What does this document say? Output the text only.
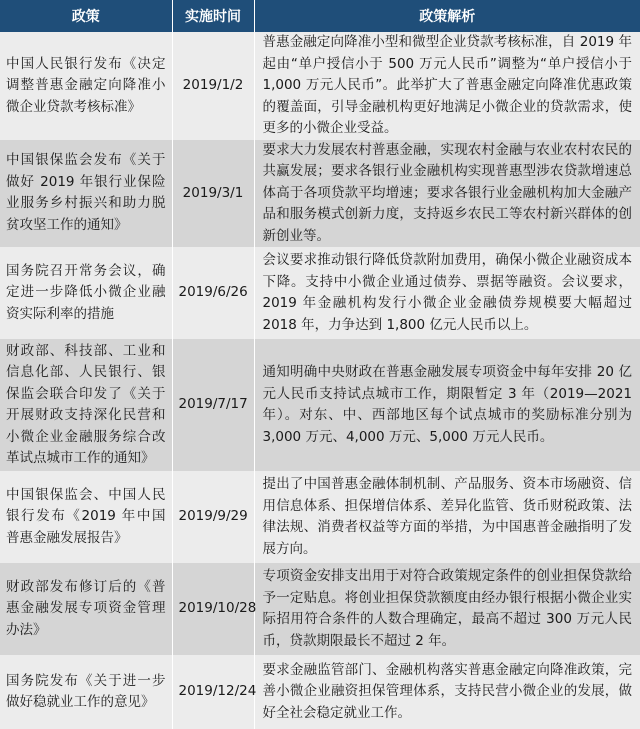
政策	实施时间	政策解析
中国人民银行发布《决定调整普惠金融定向降准小微企业贷款考核标准》	2019/1/2	普惠金融定向降准小型和微型企业贷款考核标准，自 2019 年起由“单户授信小于 500 万元人民币”调整为“单户授信小于 1,000 万元人民币”。此举扩大了普惠金融定向降准优惠政策的覆盖面，引导金融机构更好地满足小微企业的贷款需求，使更多的小微企业受益。
中国银保监会发布《关于做好 2019 年银行业保险业服务乡村振兴和助力脱贫攻坚工作的通知》	2019/3/1	要求大力发展农村普惠金融，实现农村金融与农业农村农民的共赢发展；要求各银行业金融机构实现普惠型涉农贷款增速总体高于各项贷款平均增速；要求各银行业金融机构加大金融产品和服务模式创新力度，支持返乡农民工等农村新兴群体的创新创业等。
国务院召开常务会议，确定进一步降低小微企业融资实际利率的措施	2019/6/26	会议要求推动银行降低贷款附加费用，确保小微企业融资成本下降。支持中小微企业通过债券、票据等融资。会议要求，2019 年金融机构发行小微企业金融债券规模要大幅超过 2018 年，力争达到 1,800 亿元人民币以上。
财政部、科技部、工业和信息化部、人民银行、银保监会联合印发了《关于开展财政支持深化民营和小微企业金融服务综合改革试点城市工作的通知》	2019/7/17	通知明确中央财政在普惠金融发展专项资金中每年安排 20 亿元人民币支持试点城市工作，期限暂定 3 年（2019—2021 年）。对东、中、西部地区每个试点城市的奖励标准分别为 3,000 万元、4,000 万元、5,000 万元人民币。
中国银保监会、中国人民银行发布《2019 年中国普惠金融发展报告》	2019/9/29	提出了中国普惠金融体制机制、产品服务、资本市场融资、信用信息体系、担保增信体系、差异化监管、货币财税政策、法律法规、消费者权益等方面的举措，为中国惠普金融指明了发展方向。
财政部发布修订后的《普惠金融发展专项资金管理办法》	2019/10/28	专项资金安排支出用于对符合政策规定条件的创业担保贷款给予一定贴息。将创业担保贷款额度由经办银行根据小微企业实际招用符合条件的人数合理确定，最高不超过 300 万元人民币，贷款期限最长不超过 2 年。
国务院发布《关于进一步做好稳就业工作的意见》	2019/12/24	要求金融监管部门、金融机构落实普惠金融定向降准政策，完善小微企业融资担保管理体系，支持民营小微企业的发展，做好全社会稳定就业工作。
